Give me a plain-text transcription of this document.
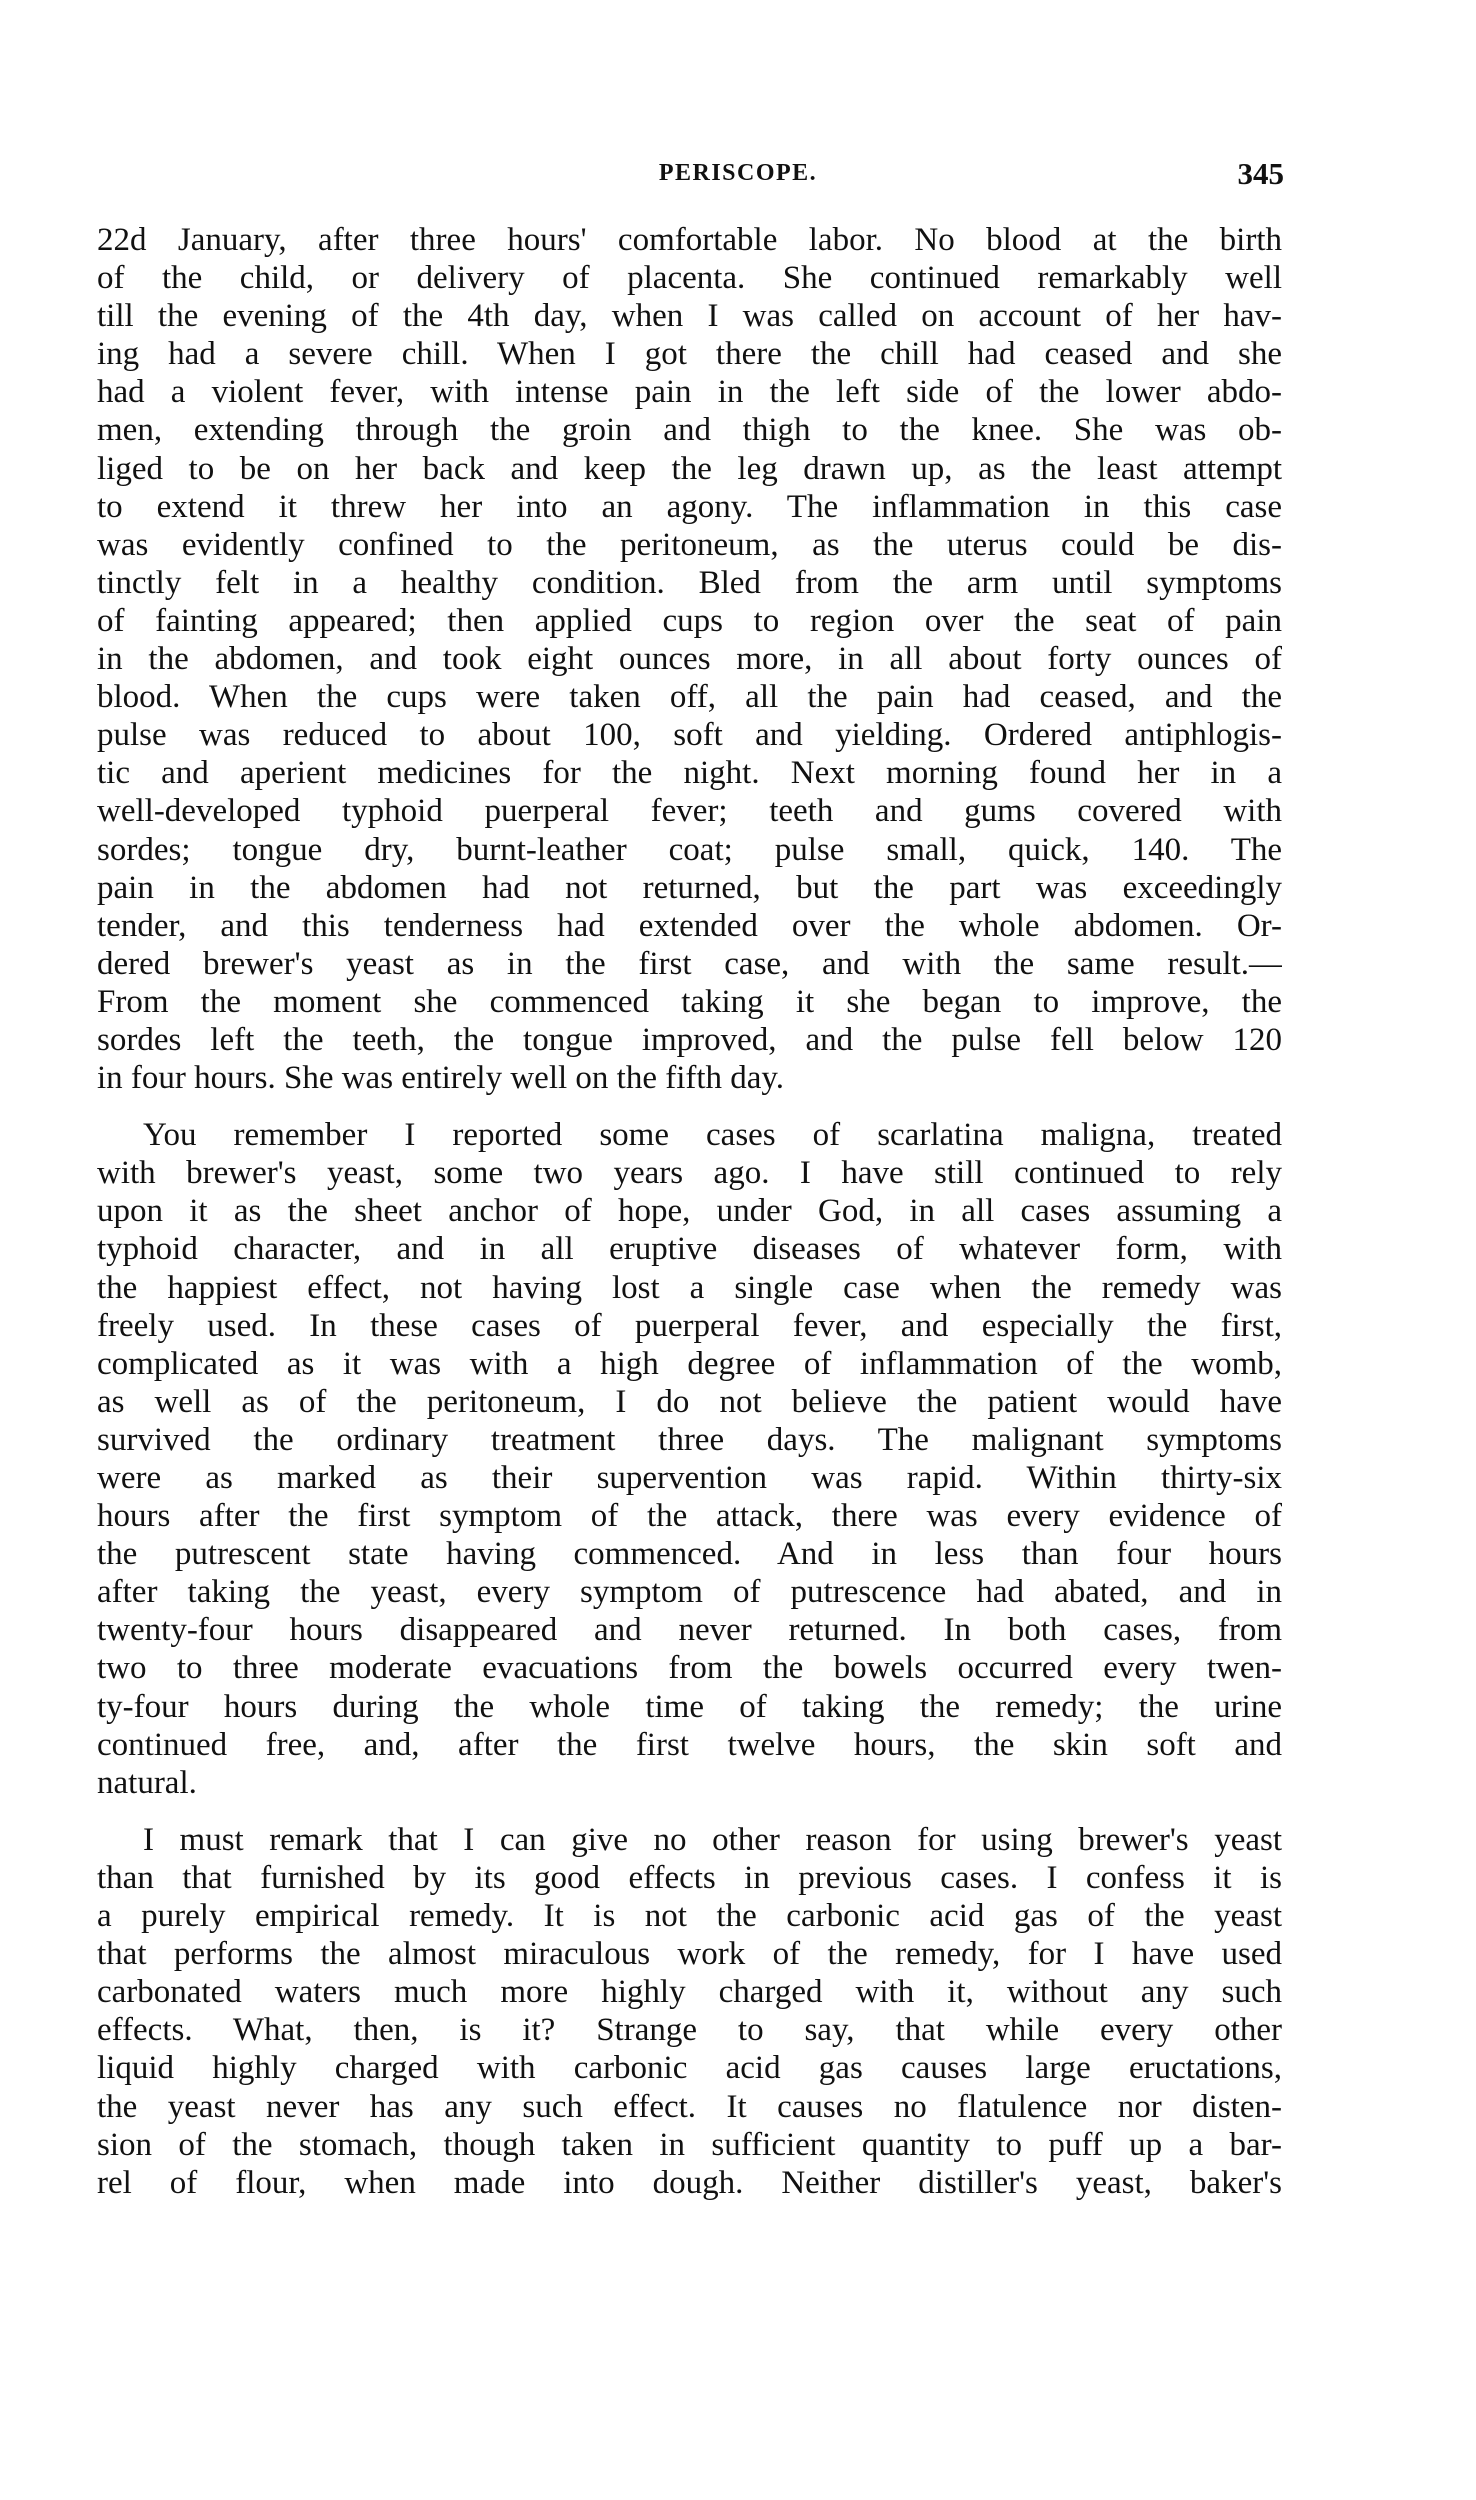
PERISCOPE.	345
22d January, after three hours' comfortable labor. No blood at the birth
of the child, or delivery of placenta. She continued remarkably well
till the evening of the 4th day, when I was called on account of her hav-
ing had a severe chill. When I got there the chill had ceased and she
had a violent fever, with intense pain in the left side of the lower abdo-
men, extending through the groin and thigh to the knee. She was ob-
liged to be on her back and keep the leg drawn up, as the least attempt
to extend it threw her into an agony. The inflammation in this case
was evidently confined to the peritoneum, as the uterus could be dis-
tinctly felt in a healthy condition. Bled from the arm until symptoms
of fainting appeared; then applied cups to region over the seat of pain
in the abdomen, and took eight ounces more, in all about forty ounces of
blood. When the cups were taken off, all the pain had ceased, and the
pulse was reduced to about 100, soft and yielding. Ordered antiphlogis-
tic and aperient medicines for the night. Next morning found her in a
well-developed typhoid puerperal fever; teeth and gums covered with
sordes; tongue dry, burnt-leather coat; pulse small, quick, 140. The
pain in the abdomen had not returned, but the part was exceedingly
tender, and this tenderness had extended over the whole abdomen. Or-
dered brewer's yeast as in the first case, and with the same result.—
From the moment she commenced taking it she began to improve, the
sordes left the teeth, the tongue improved, and the pulse fell below 120
in four hours. She was entirely well on the fifth day.
You remember I reported some cases of scarlatina maligna, treated
with brewer's yeast, some two years ago. I have still continued to rely
upon it as the sheet anchor of hope, under God, in all cases assuming a
typhoid character, and in all eruptive diseases of whatever form, with
the happiest effect, not having lost a single case when the remedy was
freely used. In these cases of puerperal fever, and especially the first,
complicated as it was with a high degree of inflammation of the womb,
as well as of the peritoneum, I do not believe the patient would have
survived the ordinary treatment three days. The malignant symptoms
were as marked as their supervention was rapid. Within thirty-six
hours after the first symptom of the attack, there was every evidence of
the putrescent state having commenced. And in less than four hours
after taking the yeast, every symptom of putrescence had abated, and in
twenty-four hours disappeared and never returned. In both cases, from
two to three moderate evacuations from the bowels occurred every twen-
ty-four hours during the whole time of taking the remedy; the urine
continued free, and, after the first twelve hours, the skin soft and
natural.
I must remark that I can give no other reason for using brewer's yeast
than that furnished by its good effects in previous cases. I confess it is
a purely empirical remedy. It is not the carbonic acid gas of the yeast
that performs the almost miraculous work of the remedy, for I have used
carbonated waters much more highly charged with it, without any such
effects. What, then, is it? Strange to say, that while every other
liquid highly charged with carbonic acid gas causes large eructations,
the yeast never has any such effect. It causes no flatulence nor disten-
sion of the stomach, though taken in sufficient quantity to puff up a bar-
rel of flour, when made into dough. Neither distiller's yeast, baker's
